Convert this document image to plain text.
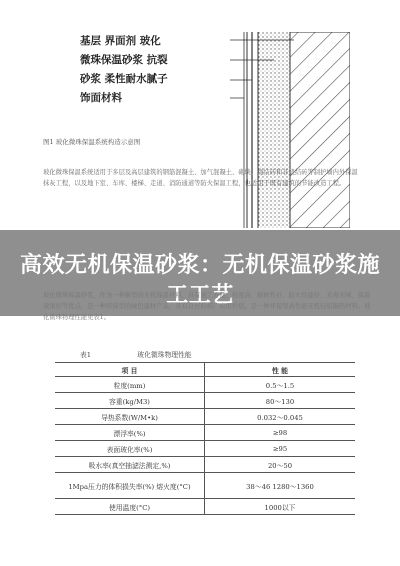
基层 界面剂 玻化
微珠保温砂浆 抗裂
砂浆 柔性耐水腻子
饰面材料
图1 玻化微珠保温系统构造示意图
玻化微珠保温系统适用于多层及高层建筑的钢筋混凝土、加气混凝土、砌块、烧结砖和非烧结砖等制护墙内外保温抹灰工程，以及地下室、车库、楼梯、走道、消防通道等防火保温工程，也适用于既有建筑的节能改造工程。
高效无机保温砂浆：无机保温砂浆施工工艺
玻化微珠保温砂浆，作为一种新型的无机保温材料，具有施工方便、强度高、耐候性好、防火性能好、无毒无味、保温效果好等优点，是一种环保型的绿色建材产品，具有良好的推广应用价值，是一种环保型高性能无机轻质隔热材料。玻化微珠物理性能见表1。
表1	玻化微珠物理性能
项 目	性 能
粒度(mm)	0.5～1.5
容重(kg/M3)	80～130
导热系数(W/M•k)	0.032～0.045
漂浮率(%)	≥98
表面玻化率(%)	≥95
吸水率(真空抽滤法测定,%)	20～50
1Mpa压力的体积损失率(%) 熔火度(°C)	38～46 1280～1360
使用温度(°C)	1000以下
